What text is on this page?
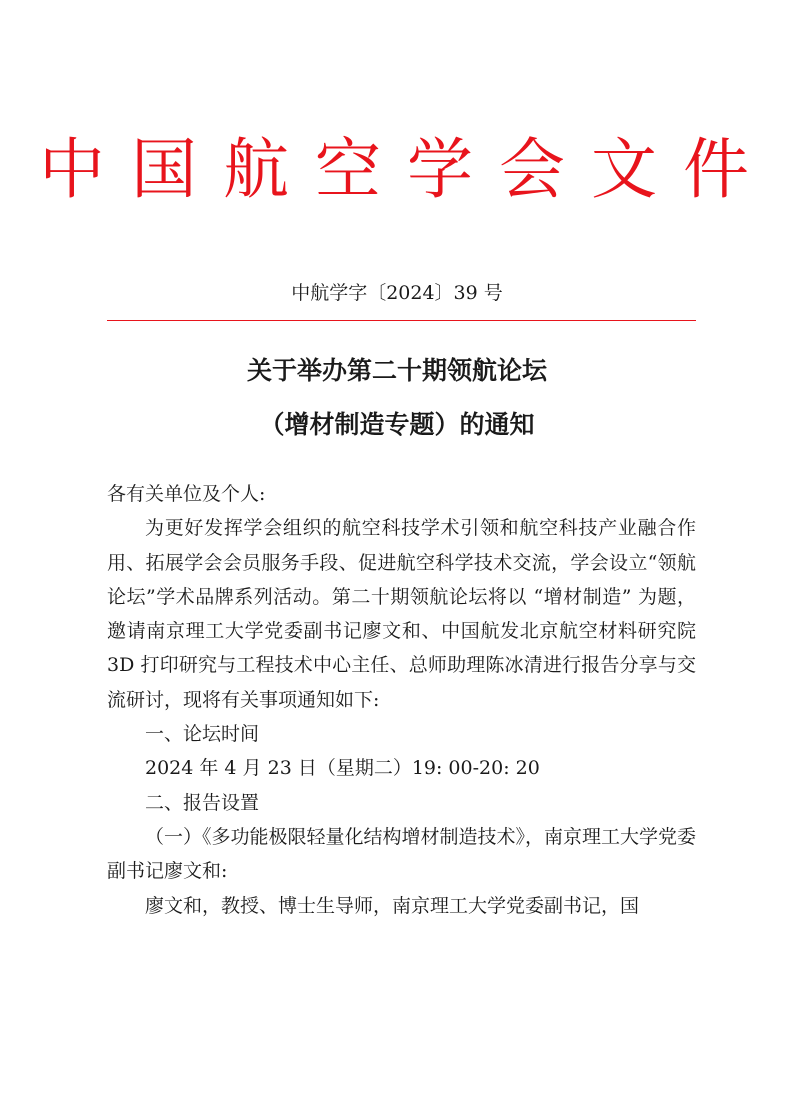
中国航空学会文件
中航学字〔2024〕39 号
关于举办第二十期领航论坛
（增材制造专题）的通知

各有关单位及个人:

为更好发挥学会组织的航空科技学术引领和航空科技产业融合作用、拓展学会会员服务手段、促进航空科学技术交流，学会设立“领航论坛”学术品牌系列活动。第二十期领航论坛将以 “增材制造” 为题，邀请南京理工大学党委副书记廖文和、中国航发北京航空材料研究院 3D 打印研究与工程技术中心主任、总师助理陈冰清进行报告分享与交流研讨，现将有关事项通知如下:

一、论坛时间

2024 年 4 月 23 日（星期二）19: 00-20: 20

二、报告设置

（一）《多功能极限轻量化结构增材制造技术》，南京理工大学党委副书记廖文和:

廖文和，教授、博士生导师，南京理工大学党委副书记，国
